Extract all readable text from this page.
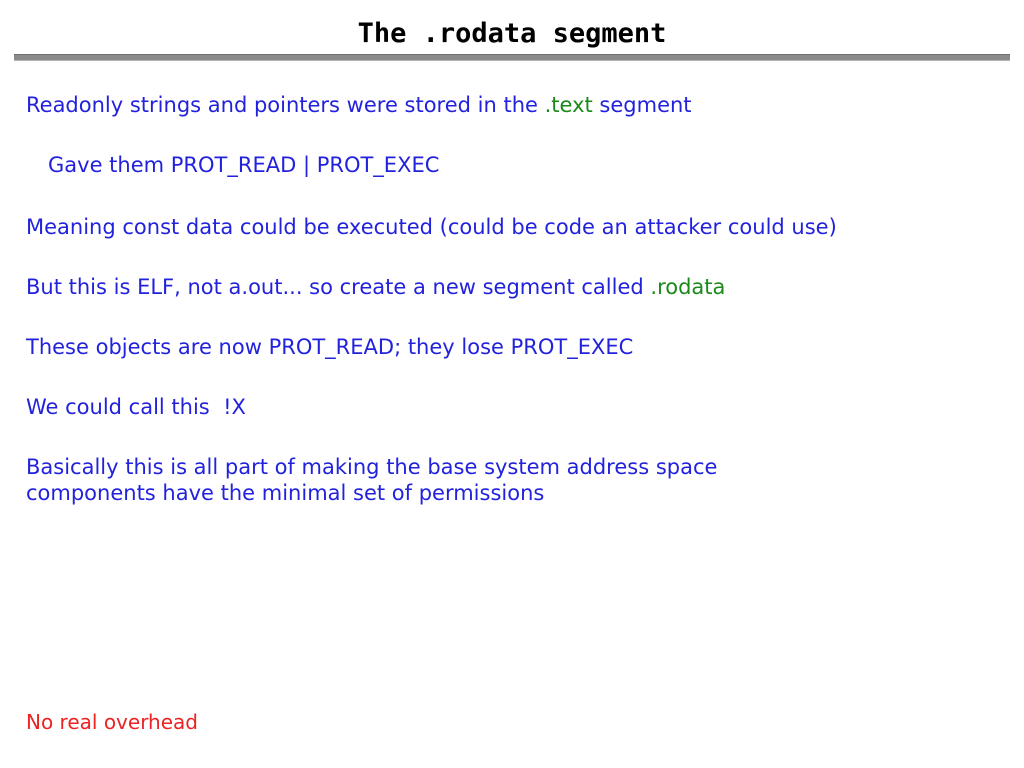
The .rodata segment
Readonly strings and pointers were stored in the .text segment
Gave them PROT_READ | PROT_EXEC
Meaning const data could be executed (could be code an attacker could use)
But this is ELF, not a.out... so create a new segment called .rodata
These objects are now PROT_READ; they lose PROT_EXEC
We could call this  !X
Basically this is all part of making the base system address space
components have the minimal set of permissions
No real overhead
